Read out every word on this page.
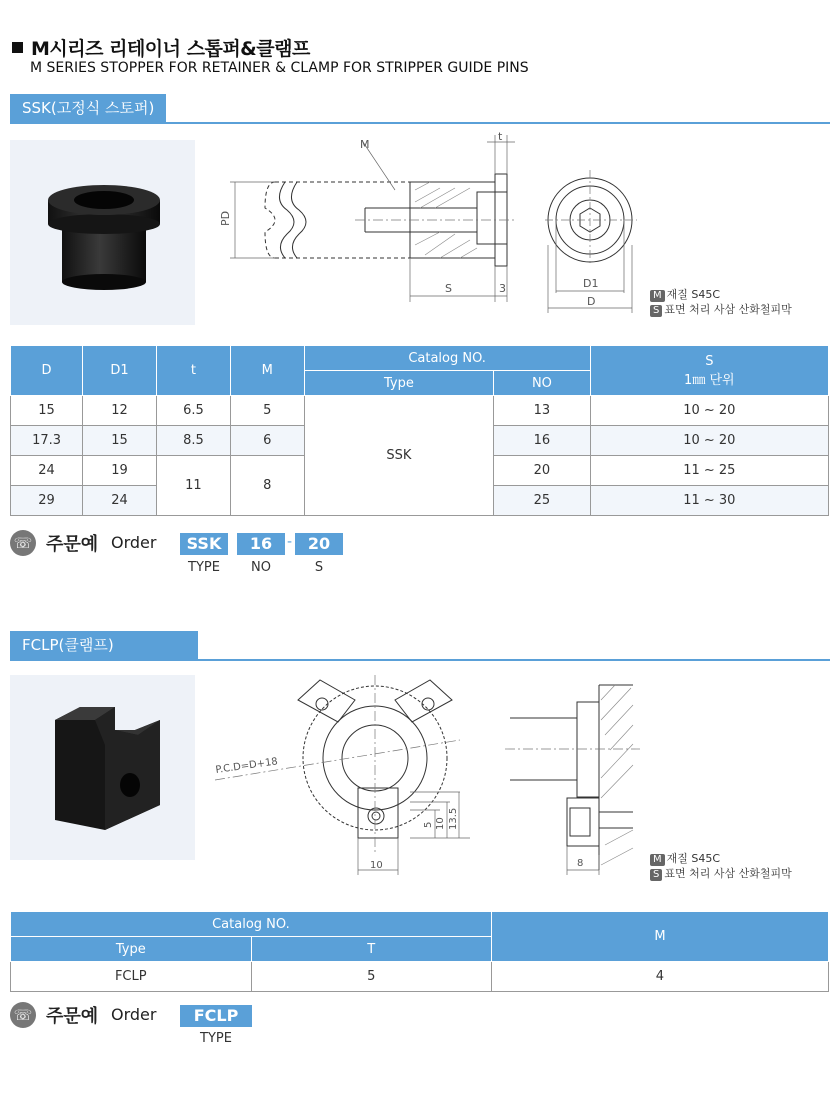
M시리즈 리테이너 스톱퍼&클램프
M SERIES STOPPER FOR RETAINER & CLAMP FOR STRIPPER GUIDE PINS
SSK(고정식 스토퍼)
M
t
PD
S	3	D1
D	M 재질 S45C
S 표면 처리 사삼 산화철피막
D	D1	t	M	Catalog NO.		S
1㎜ 단위

				Type	NO	
15	12	6.5	5	SSK	13	10 ~ 20
17.3	15	8.5	6		16	10 ~ 20
24	19	11	8		20	11 ~ 25
29	24				25	11 ~ 30
☏ 주문예 Order	SSK	16	- 20
TYPE	NO	S
FCLP(클램프)
P.C.D=D+18
5 10 13.5
10	8	M 재질 S45C
S 표면 처리 사삼 산화철피막
Catalog NO.		M
Type	T	
FCLP	5	4
☏ 주문예 Order	FCLP
TYPE
